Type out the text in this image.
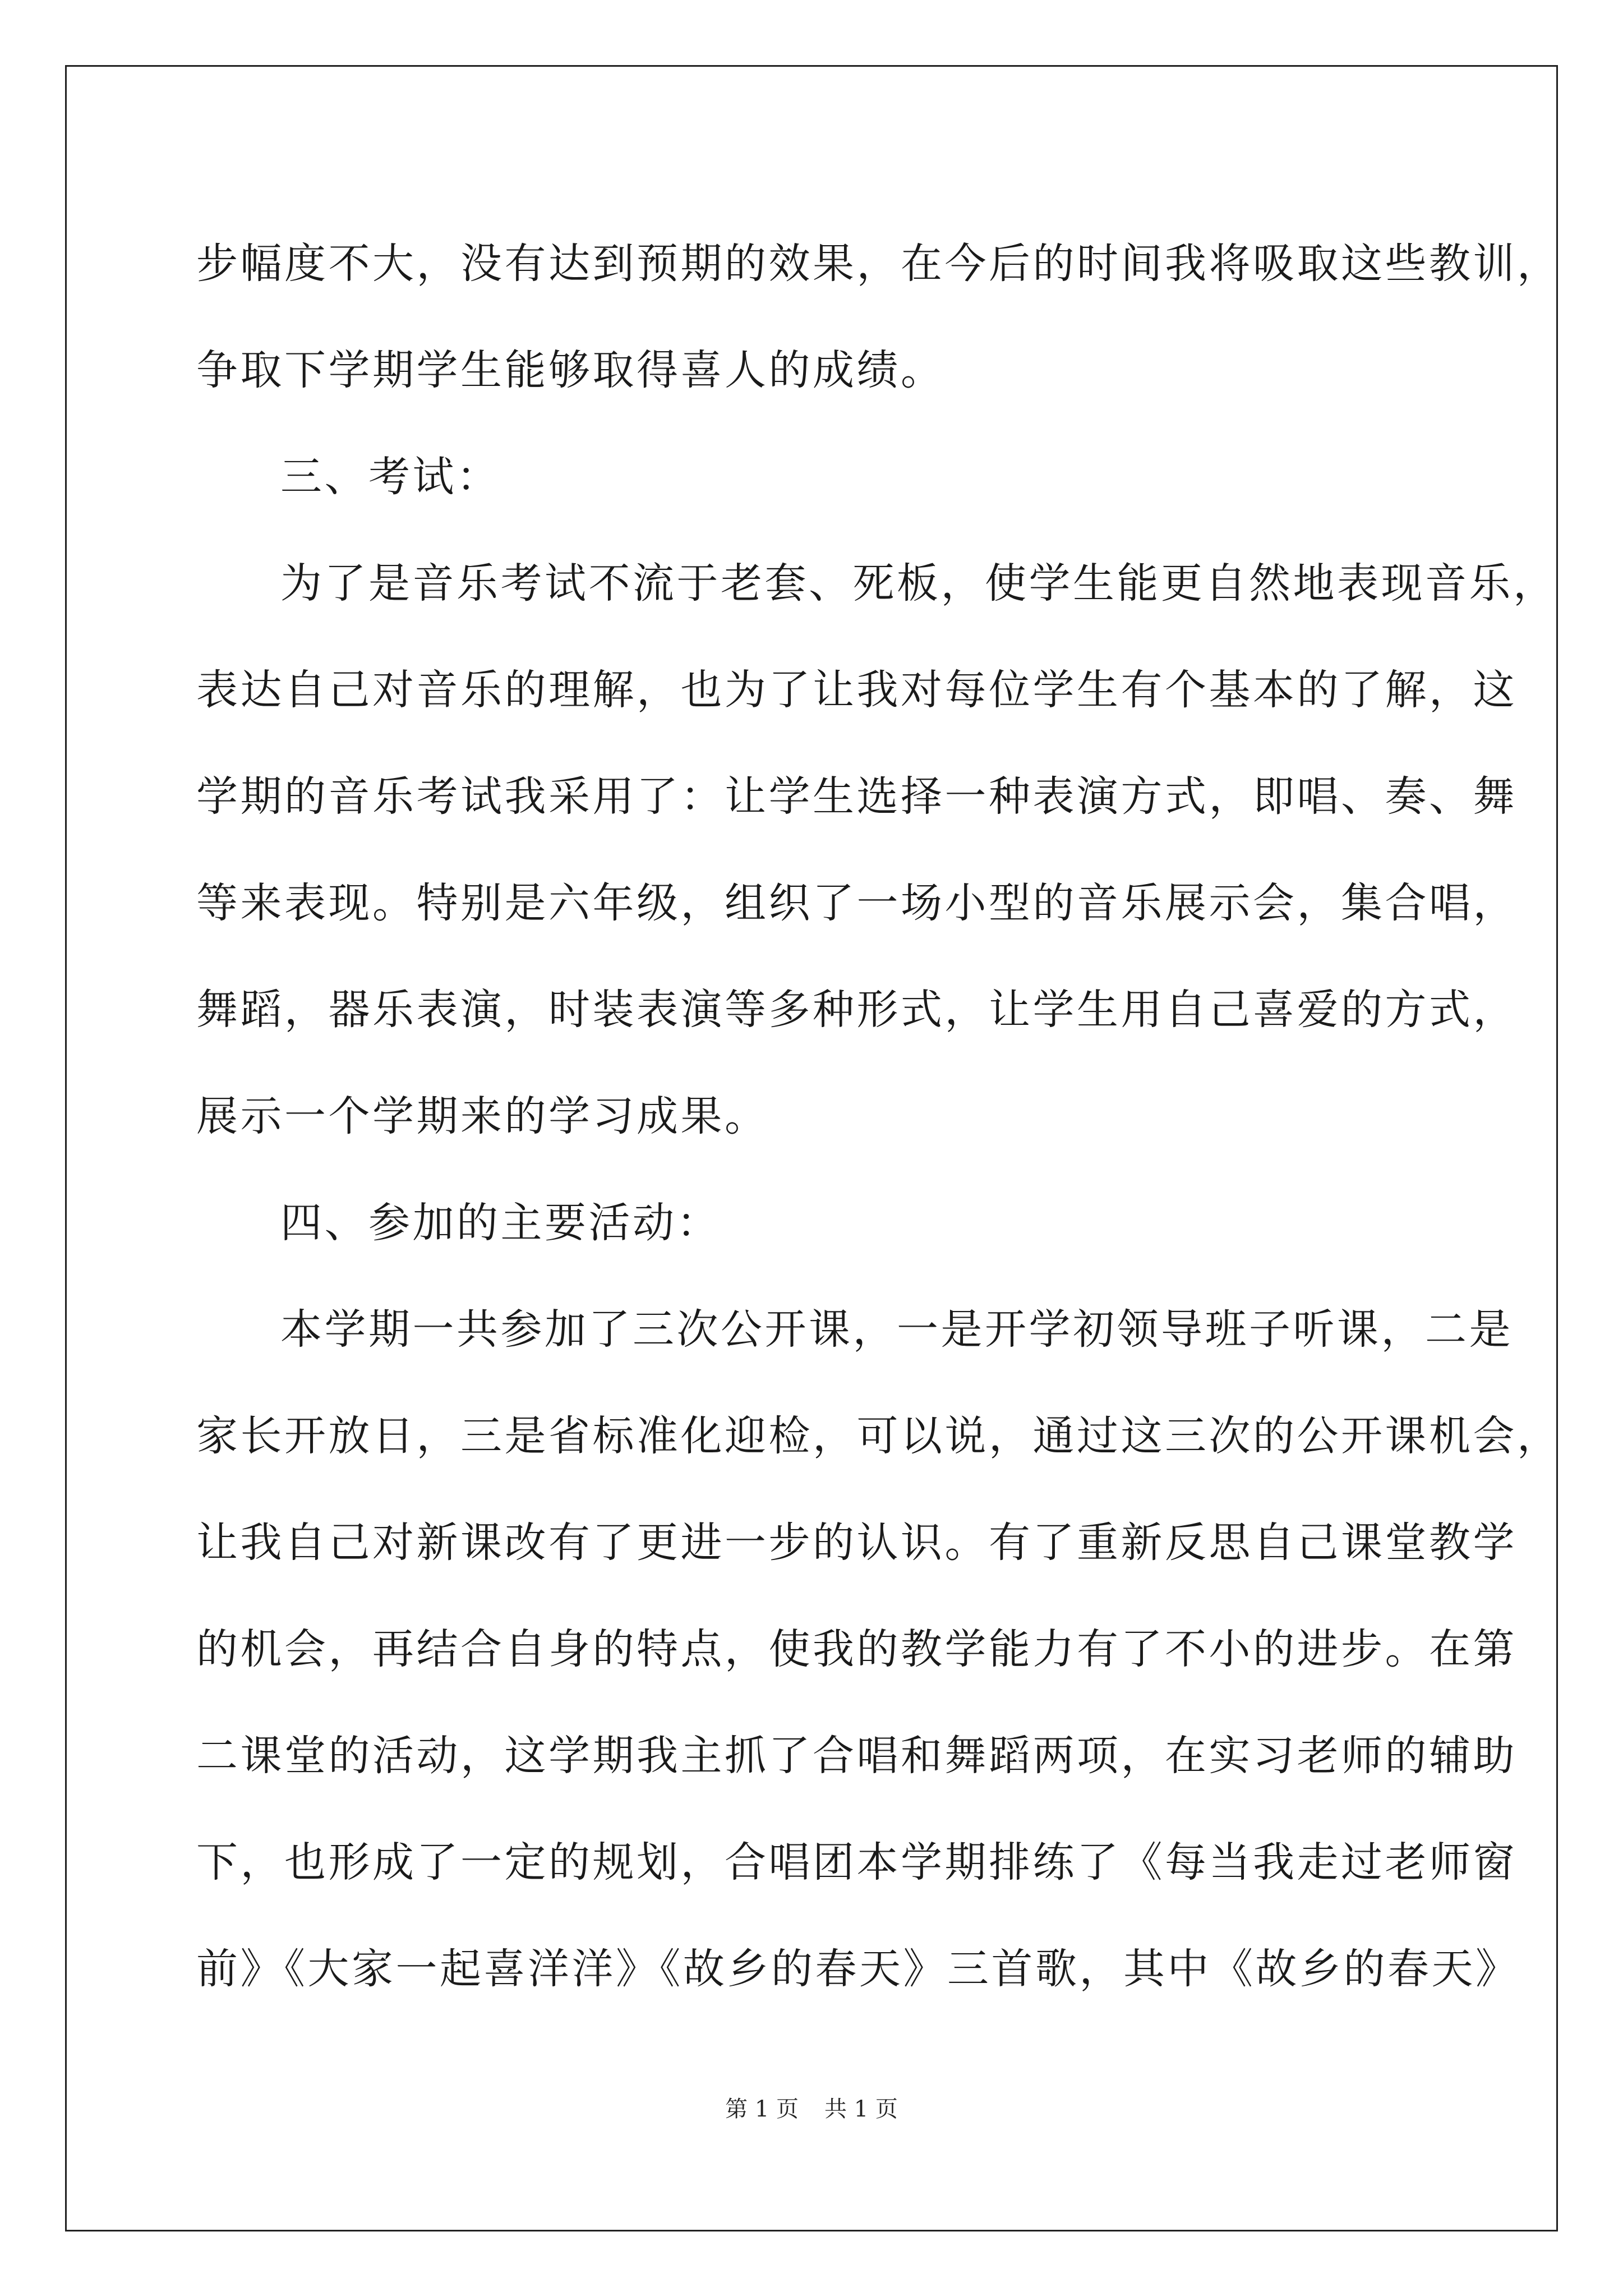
步幅度不大，没有达到预期的效果，在今后的时间我将吸取这些教训，
争取下学期学生能够取得喜人的成绩。
三、考试：
为了是音乐考试不流于老套、死板，使学生能更自然地表现音乐，
表达自己对音乐的理解，也为了让我对每位学生有个基本的了解，这
学期的音乐考试我采用了：让学生选择一种表演方式，即唱、奏、舞
等来表现。特别是六年级，组织了一场小型的音乐展示会，集合唱，
舞蹈，器乐表演，时装表演等多种形式，让学生用自己喜爱的方式，
展示一个学期来的学习成果。
四、参加的主要活动：
本学期一共参加了三次公开课，一是开学初领导班子听课，二是
家长开放日，三是省标准化迎检，可以说，通过这三次的公开课机会，
让我自己对新课改有了更进一步的认识。有了重新反思自己课堂教学
的机会，再结合自身的特点，使我的教学能力有了不小的进步。在第
二课堂的活动，这学期我主抓了合唱和舞蹈两项，在实习老师的辅助
下，也形成了一定的规划，合唱团本学期排练了《每当我走过老师窗
前》《大家一起喜洋洋》《故乡的春天》三首歌，其中《故乡的春天》
第 1 页 共 1 页
